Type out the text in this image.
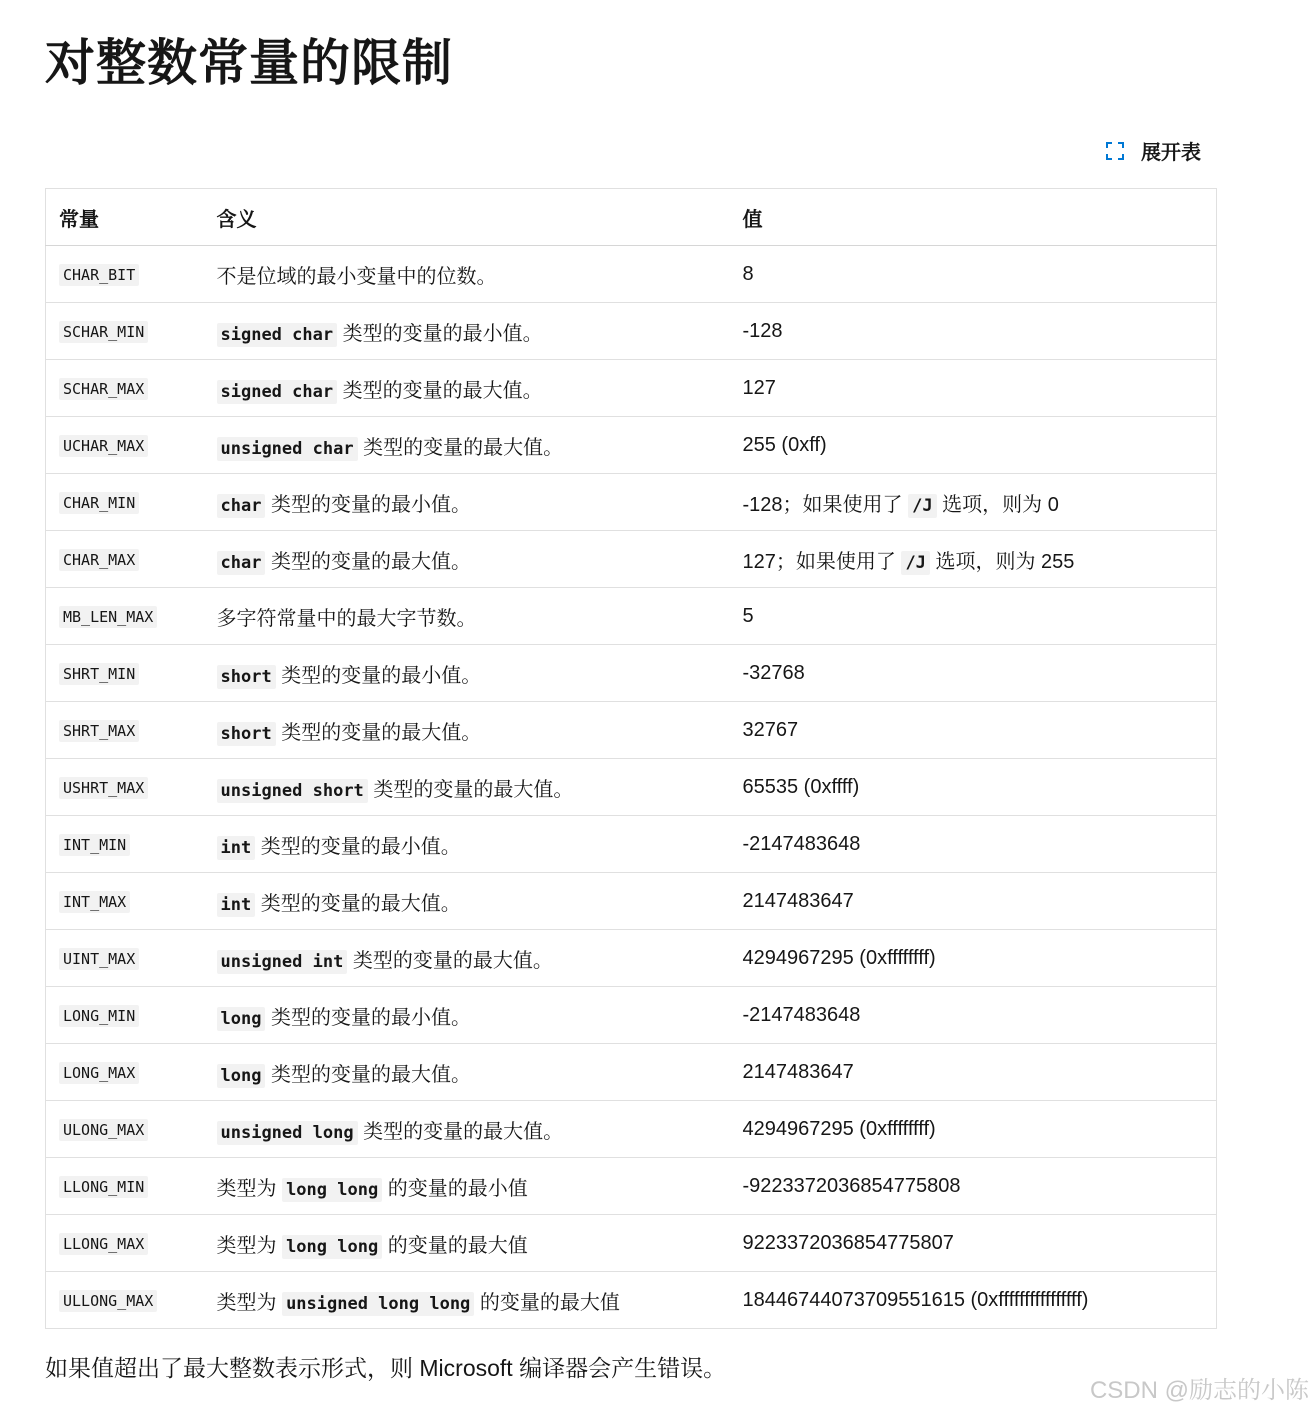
对整数常量的限制
展开表
常量	含义	值
CHAR_BIT	不是位域的最小变量中的位数。	8
SCHAR_MIN	signed char 类型的变量的最小值。	-128
SCHAR_MAX	signed char 类型的变量的最大值。	127
UCHAR_MAX	unsigned char 类型的变量的最大值。	255 (0xff)
CHAR_MIN	char 类型的变量的最小值。	-128；如果使用了 /J 选项，则为 0
CHAR_MAX	char 类型的变量的最大值。	127；如果使用了 /J 选项，则为 255
MB_LEN_MAX	多字符常量中的最大字节数。	5
SHRT_MIN	short 类型的变量的最小值。	-32768
SHRT_MAX	short 类型的变量的最大值。	32767
USHRT_MAX	unsigned short 类型的变量的最大值。	65535 (0xffff)
INT_MIN	int 类型的变量的最小值。	-2147483648
INT_MAX	int 类型的变量的最大值。	2147483647
UINT_MAX	unsigned int 类型的变量的最大值。	4294967295 (0xffffffff)
LONG_MIN	long 类型的变量的最小值。	-2147483648
LONG_MAX	long 类型的变量的最大值。	2147483647
ULONG_MAX	unsigned long 类型的变量的最大值。	4294967295 (0xffffffff)
LLONG_MIN	类型为 long long 的变量的最小值	-9223372036854775808
LLONG_MAX	类型为 long long 的变量的最大值	9223372036854775807
ULLONG_MAX	类型为 unsigned long long 的变量的最大值	18446744073709551615 (0xffffffffffffffff)
如果值超出了最大整数表示形式，则 Microsoft 编译器会产生错误。
CSDN @励志的小陈
